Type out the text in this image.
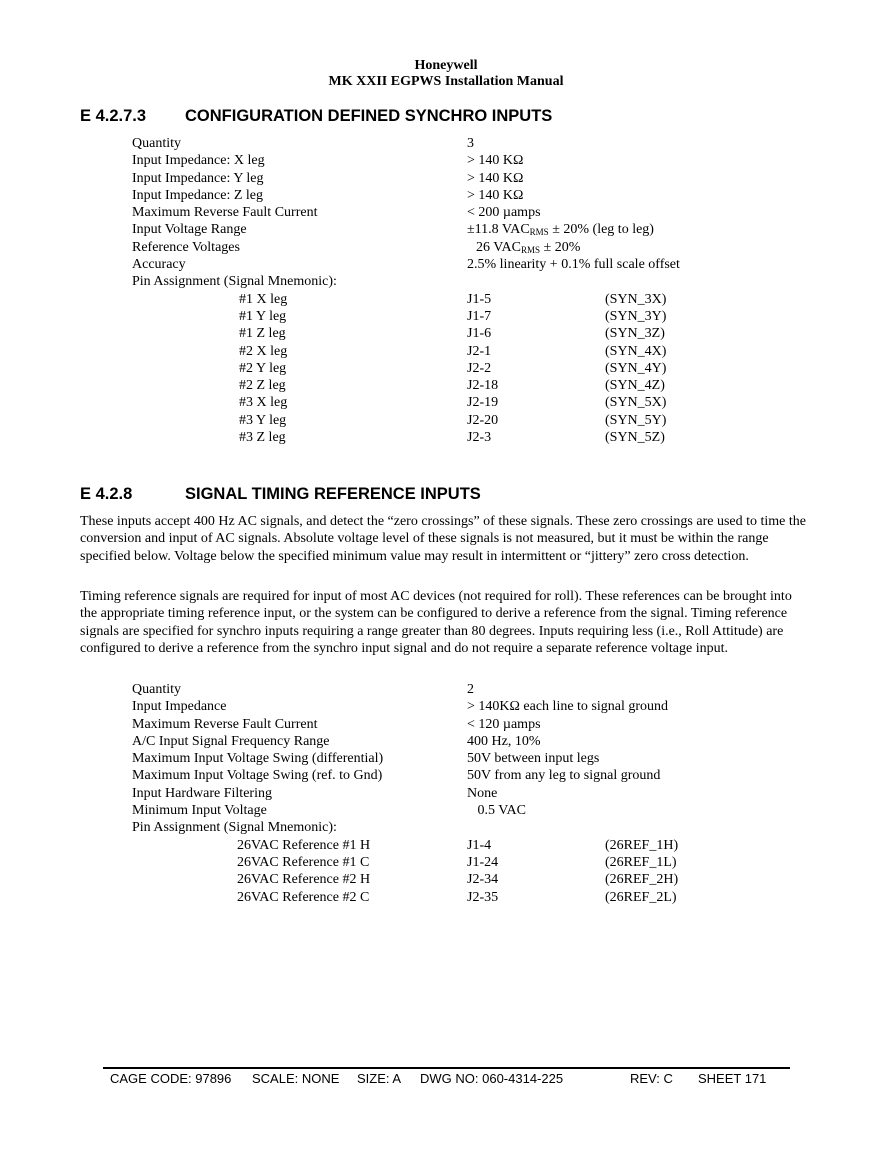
Honeywell
MK XXII EGPWS Installation Manual
E 4.2.7.3 CONFIGURATION DEFINED SYNCHRO INPUTS
Quantity	3
Input Impedance: X leg	> 140 KΩ
Input Impedance: Y leg	> 140 KΩ
Input Impedance: Z leg	> 140 KΩ
Maximum Reverse Fault Current	< 200 µamps
Input Voltage Range	±11.8 $VAC_{RMS} \pm 20\%$ (leg to leg)
Reference Voltages	26 $VAC_{RMS} \pm 20\%$
Accuracy	2.5% linearity + 0.1% full scale offset
Pin Assignment (Signal Mnemonic):
#1 X leg	J1-5	(SYN_3X)
#1 Y leg	J1-7	(SYN_3Y)
#1 Z leg	J1-6	(SYN_3Z)
#2 X leg	J2-1	(SYN_4X)
#2 Y leg	J2-2	(SYN_4Y)
#2 Z leg	J2-18	(SYN_4Z)
#3 X leg	J2-19	(SYN_5X)
#3 Y leg	J2-20	(SYN_5Y)
#3 Z leg	J2-3	(SYN_5Z)
E 4.2.8	SIGNAL TIMING REFERENCE INPUTS
These inputs accept 400 Hz AC signals, and detect the “zero crossings” of these signals. These zero crossings are used to time the conversion and input of AC signals. Absolute voltage level of these signals is not measured, but it must be within the range specified below. Voltage below the specified minimum value may result in intermittent or “jittery” zero cross detection.
Timing reference signals are required for input of most AC devices (not required for roll). These references can be brought into the appropriate timing reference input, or the system can be configured to derive a reference from the signal. Timing reference signals are specified for synchro inputs requiring a range greater than 80 degrees. Inputs requiring less (i.e., Roll Attitude) are configured to derive a reference from the synchro input signal and do not require a separate reference voltage input.
Quantity	2
Input Impedance	> 140KΩ each line to signal ground
Maximum Reverse Fault Current	< 120 µamps
A/C Input Signal Frequency Range	400 Hz, 10%
Maximum Input Voltage Swing (differential)	50V between input legs
Maximum Input Voltage Swing (ref. to Gnd)	50V from any leg to signal ground
Input Hardware Filtering	None
Minimum Input Voltage	0.5 VAC
Pin Assignment (Signal Mnemonic):
26VAC Reference #1 H	J1-4	(26REF_1H)
26VAC Reference #1 C	J1-24	(26REF_1L)
26VAC Reference #2 H	J2-34	(26REF_2H)
26VAC Reference #2 C	J2-35	(26REF_2L)
CAGE CODE: 97896 SCALE: NONE SIZE: A DWG NO: 060-4314-225	REV: C SHEET 171
